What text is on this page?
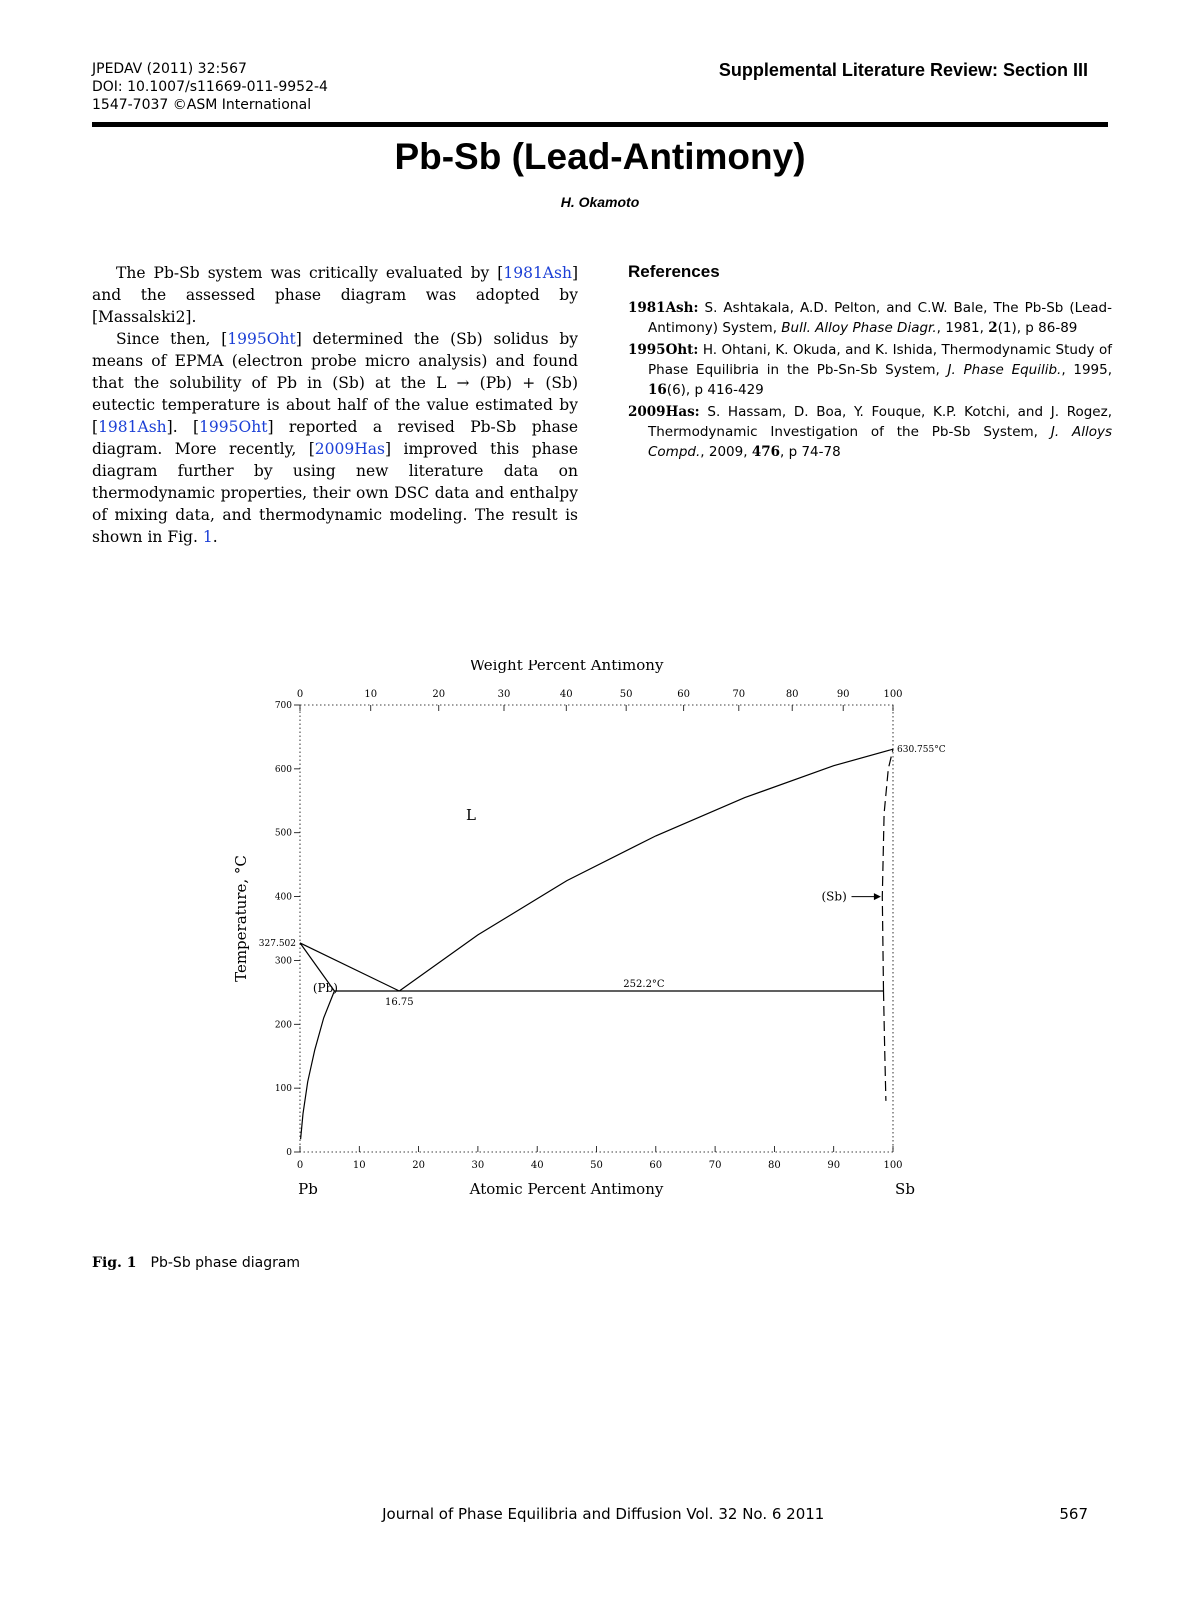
JPEDAV (2011) 32:567
DOI: 10.1007/s11669-011-9952-4
1547-7037 ©ASM International
Supplemental Literature Review: Section III
Pb-Sb (Lead-Antimony)
H. Okamoto

The Pb-Sb system was critically evaluated by [1981Ash] and the assessed phase diagram was adopted by [Massalski2].

Since then, [1995Oht] determined the (Sb) solidus by means of EPMA (electron probe micro analysis) and found that the solubility of Pb in (Sb) at the L → (Pb) + (Sb) eutectic temperature is about half of the value estimated by [1981Ash]. [1995Oht] reported a revised Pb-Sb phase diagram. More recently, [2009Has] improved this phase diagram further by using new literature data on thermodynamic properties, their own DSC data and enthalpy of mixing data, and thermodynamic modeling. The result is shown in Fig. 1.

References
1981Ash: S. Ashtakala, A.D. Pelton, and C.W. Bale, The Pb-Sb (Lead-Antimony) System, Bull. Alloy Phase Diagr., 1981, 2(1), p 86-89
1995Oht: H. Ohtani, K. Okuda, and K. Ishida, Thermodynamic Study of Phase Equilibria in the Pb-Sn-Sb System, J. Phase Equilib., 1995, 16(6), p 416-429
2009Has: S. Hassam, D. Boa, Y. Fouque, K.P. Kotchi, and J. Rogez, Thermodynamic Investigation of the Pb-Sb System, J. Alloys Compd., 2009, 476, p 74-78
0	10	20	30	40	50	60	70	80	90	100
0	10	20	30	40	50	60	70	80	90	100
0
100
200
300
400
500
600
700
Weight Percent Antimony
Atomic Percent Antimony
Temperature, °C
Pb	Sb
630.755°C
327.502
L
(Pb)
16.75
252.2°C
(Sb)
Fig. 1 Pb-Sb phase diagram
Journal of Phase Equilibria and Diffusion Vol. 32 No. 6 2011	567
